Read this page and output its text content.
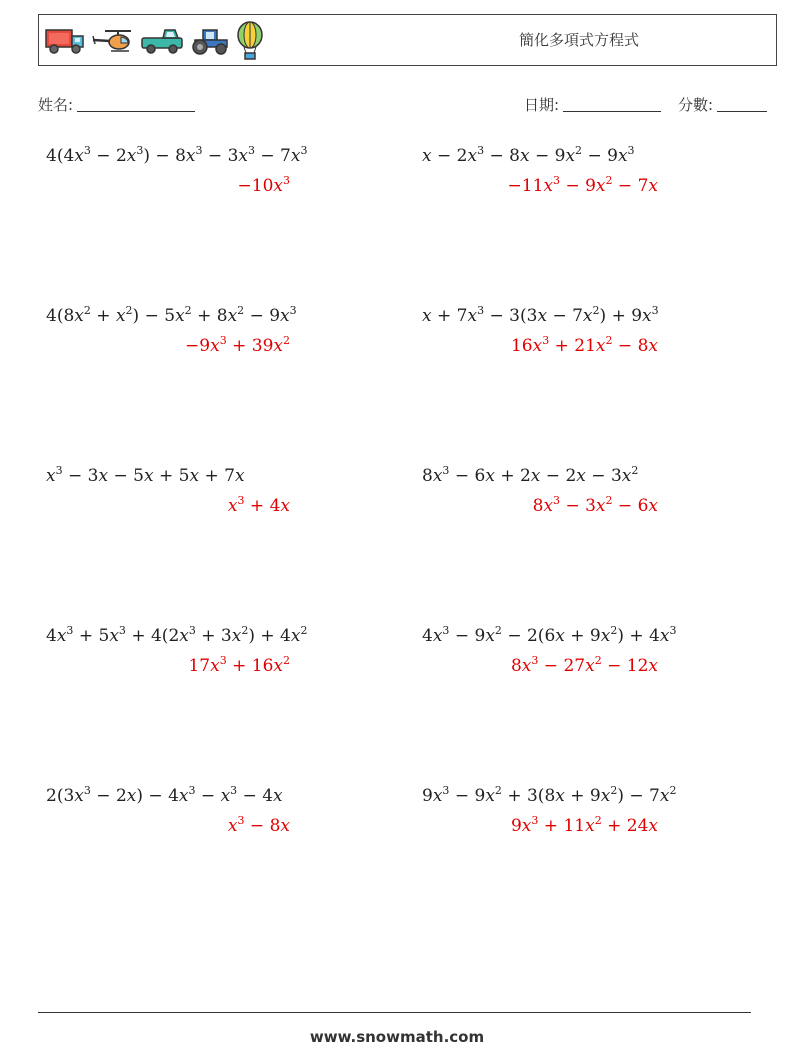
簡化多項式方程式
姓名:	日期:	分數:
$4(4x^3 - 2x^3) - 8x^3 - 3x^3 - 7x^3$
$-10x^3$
$x - 2x^3 - 8x - 9x^2 - 9x^3$
$-11x^3 - 9x^2 - 7x$
$4(8x^2 + x^2) - 5x^2 + 8x^2 - 9x^3$
$-9x^3 + 39x^2$
$x + 7x^3 - 3(3x - 7x^2) + 9x^3$
$16x^3 + 21x^2 - 8x$
$x^3 - 3x - 5x + 5x + 7x$
$x^3 + 4x$
$8x^3 - 6x + 2x - 2x - 3x^2$
$8x^3 - 3x^2 - 6x$
$4x^3 + 5x^3 + 4(2x^3 + 3x^2) + 4x^2$
$17x^3 + 16x^2$
$4x^3 - 9x^2 - 2(6x + 9x^2) + 4x^3$
$8x^3 - 27x^2 - 12x$
$2(3x^3 - 2x) - 4x^3 - x^3 - 4x$
$x^3 - 8x$
$9x^3 - 9x^2 + 3(8x + 9x^2) - 7x^2$
$9x^3 + 11x^2 + 24x$
www.snowmath.com
